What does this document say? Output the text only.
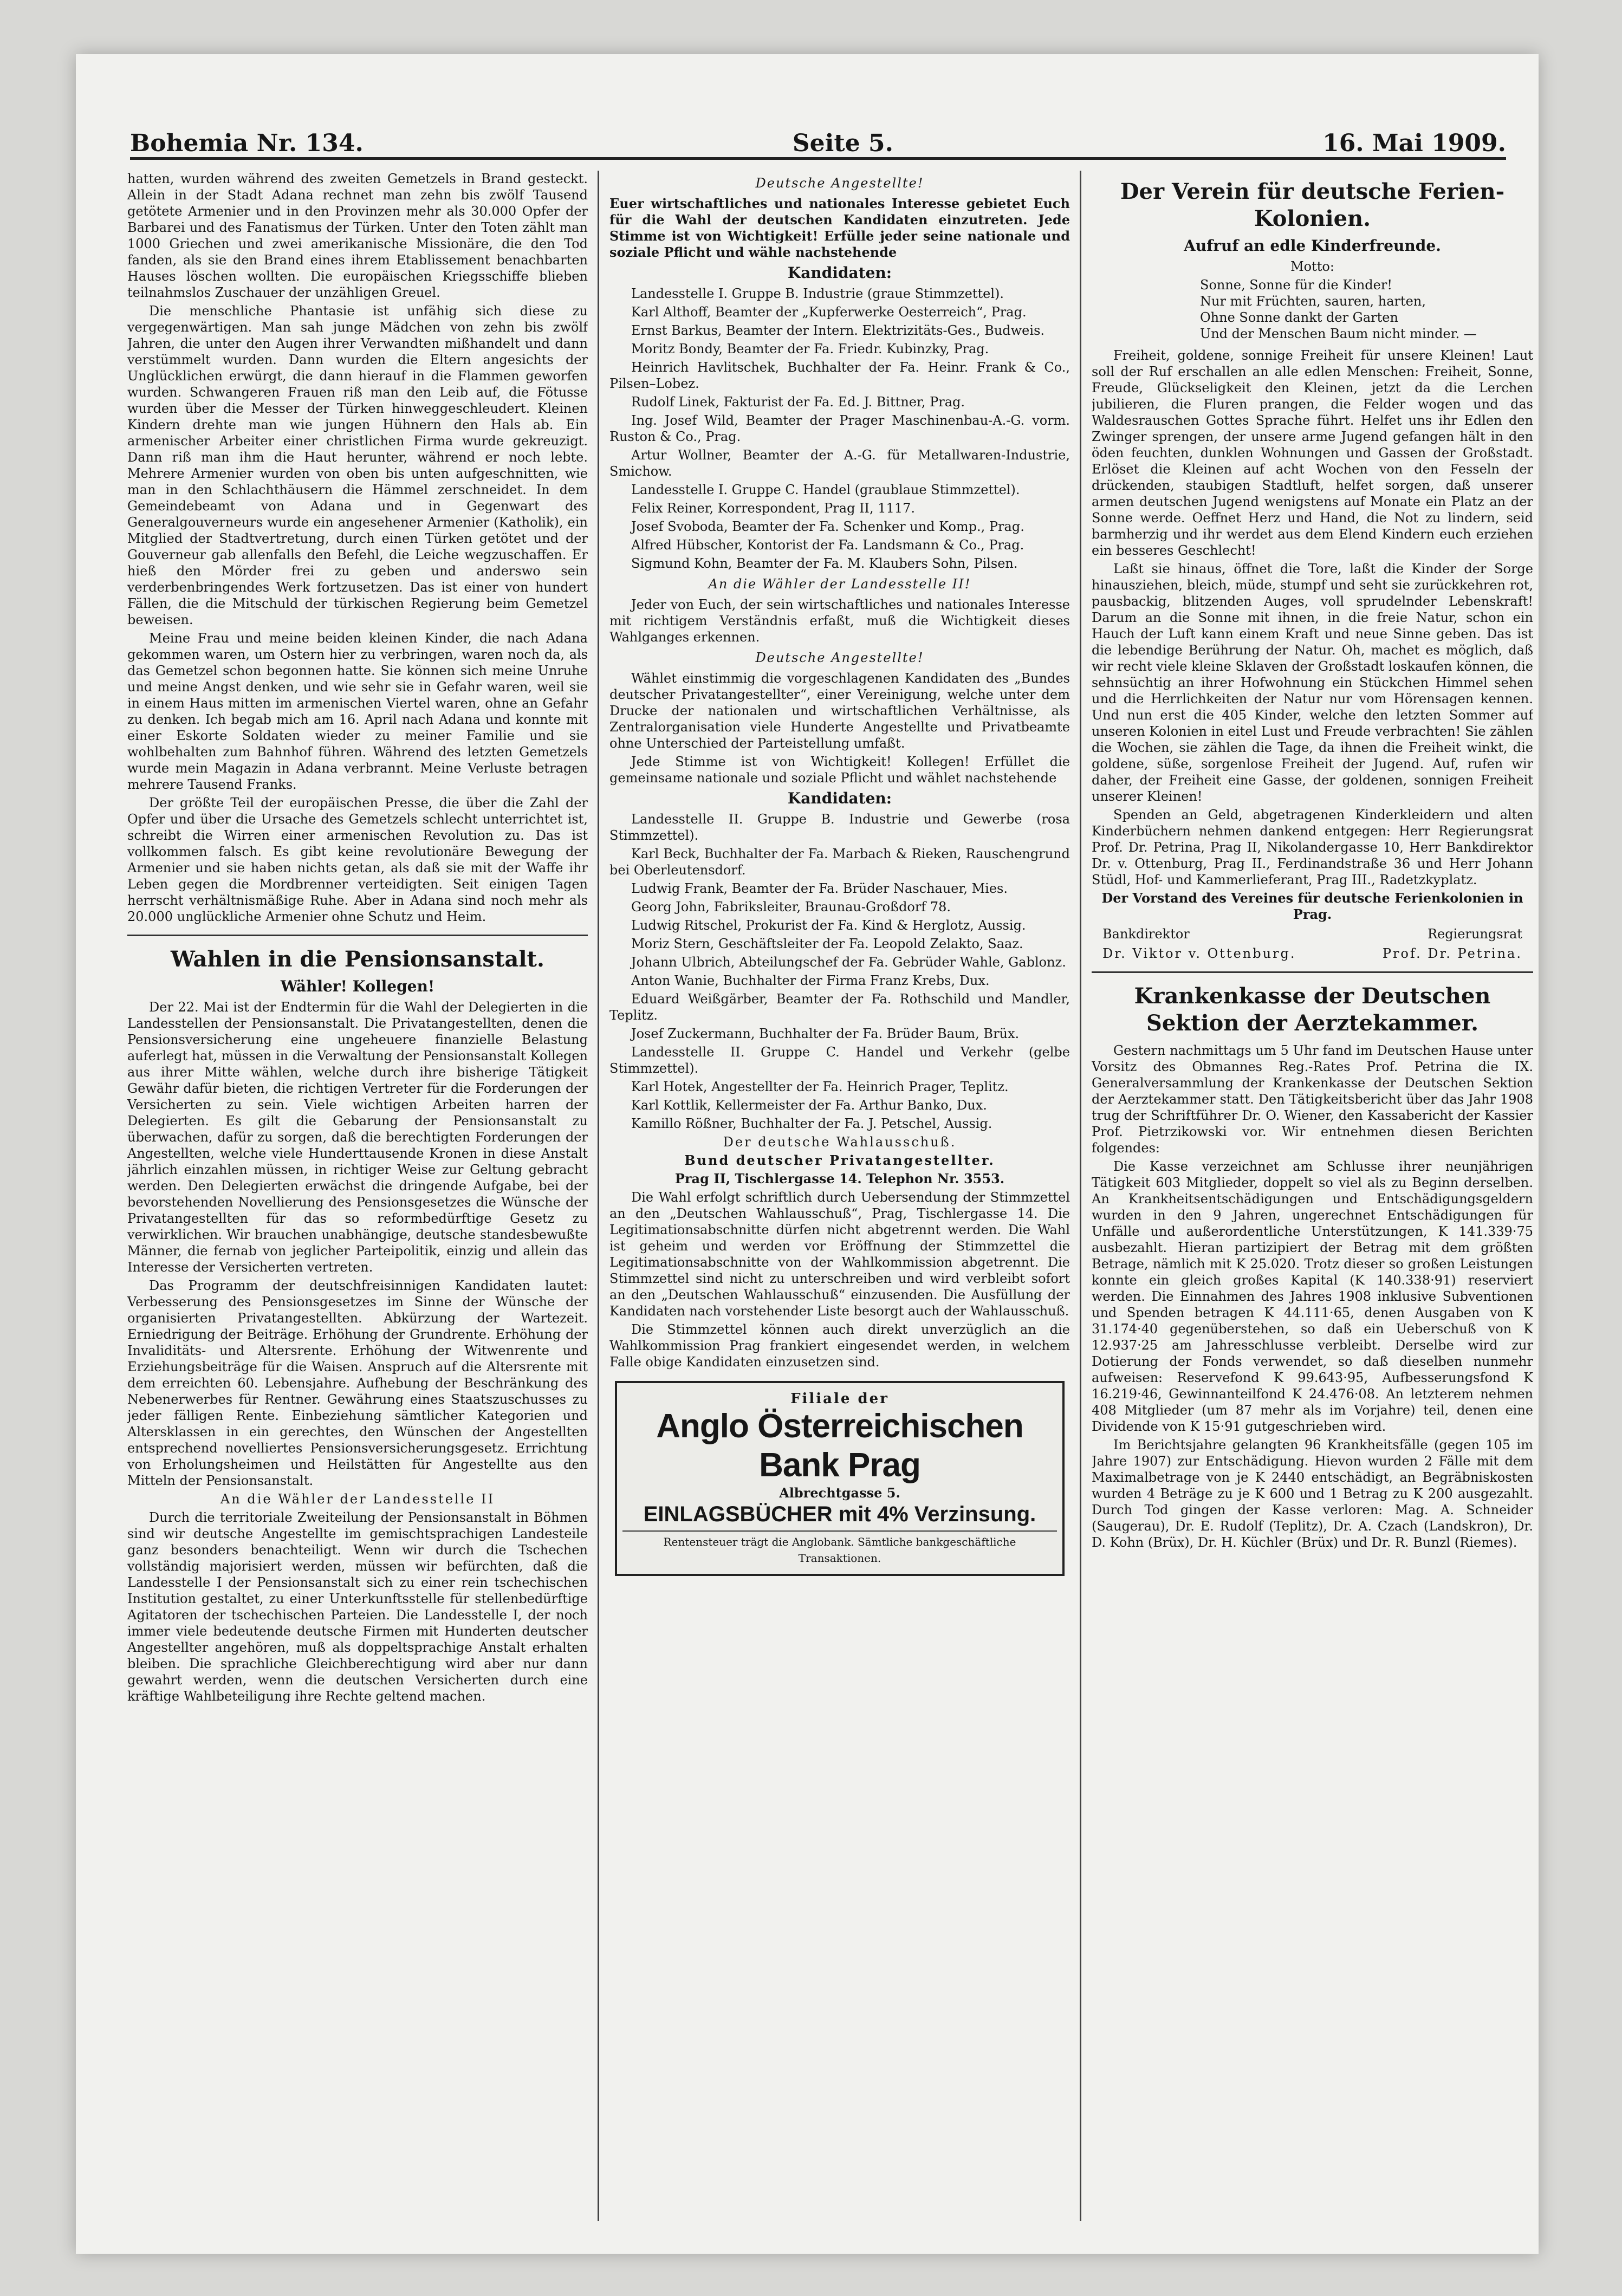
Bohemia Nr. 134.	Seite 5.	16. Mai 1909.

hatten, wurden während des zweiten Gemetzels in Brand gesteckt. Allein in der Stadt Adana rechnet man zehn bis zwölf Tausend getötete Armenier und in den Provinzen mehr als 30.000 Opfer der Barbarei und des Fanatismus der Türken. Unter den Toten zählt man 1000 Griechen und zwei amerikanische Missionäre, die den Tod fanden, als sie den Brand eines ihrem Etablissement benachbarten Hauses löschen wollten. Die europäischen Kriegsschiffe blieben teilnahmslos Zuschauer der unzähligen Greuel.

Die menschliche Phantasie ist unfähig sich diese zu vergegenwärtigen. Man sah junge Mädchen von zehn bis zwölf Jahren, die unter den Augen ihrer Verwandten mißhandelt und dann verstümmelt wurden. Dann wurden die Eltern angesichts der Unglücklichen erwürgt, die dann hierauf in die Flammen geworfen wurden. Schwangeren Frauen riß man den Leib auf, die Fötusse wurden über die Messer der Türken hinweggeschleudert. Kleinen Kindern drehte man wie jungen Hühnern den Hals ab. Ein armenischer Arbeiter einer christlichen Firma wurde gekreuzigt. Dann riß man ihm die Haut herunter, während er noch lebte. Mehrere Armenier wurden von oben bis unten aufgeschnitten, wie man in den Schlachthäusern die Hämmel zerschneidet. In dem Gemeindebeamt von Adana und in Gegenwart des Generalgouverneurs wurde ein angesehener Armenier (Katholik), ein Mitglied der Stadtvertretung, durch einen Türken getötet und der Gouverneur gab allenfalls den Befehl, die Leiche wegzuschaffen. Er hieß den Mörder frei zu geben und anderswo sein verderbenbringendes Werk fortzusetzen. Das ist einer von hundert Fällen, die die Mitschuld der türkischen Regierung beim Gemetzel beweisen.

Meine Frau und meine beiden kleinen Kinder, die nach Adana gekommen waren, um Ostern hier zu verbringen, waren noch da, als das Gemetzel schon begonnen hatte. Sie können sich meine Unruhe und meine Angst denken, und wie sehr sie in Gefahr waren, weil sie in einem Haus mitten im armenischen Viertel waren, ohne an Gefahr zu denken. Ich begab mich am 16. April nach Adana und konnte mit einer Eskorte Soldaten wieder zu meiner Familie und sie wohlbehalten zum Bahnhof führen. Während des letzten Gemetzels wurde mein Magazin in Adana verbrannt. Meine Verluste betragen mehrere Tausend Franks.

Der größte Teil der europäischen Presse, die über die Zahl der Opfer und über die Ursache des Gemetzels schlecht unterrichtet ist, schreibt die Wirren einer armenischen Revolution zu. Das ist vollkommen falsch. Es gibt keine revolutionäre Bewegung der Armenier und sie haben nichts getan, als daß sie mit der Waffe ihr Leben gegen die Mordbrenner verteidigten. Seit einigen Tagen herrscht verhältnismäßige Ruhe. Aber in Adana sind noch mehr als 20.000 unglückliche Armenier ohne Schutz und Heim.

Wahlen in die Pensionsanstalt.
Wähler! Kollegen!

Der 22. Mai ist der Endtermin für die Wahl der Delegierten in die Landesstellen der Pensionsanstalt. Die Privatangestellten, denen die Pensionsversicherung eine ungeheuere finanzielle Belastung auferlegt hat, müssen in die Verwaltung der Pensionsanstalt Kollegen aus ihrer Mitte wählen, welche durch ihre bisherige Tätigkeit Gewähr dafür bieten, die richtigen Vertreter für die Forderungen der Versicherten zu sein. Viele wichtigen Arbeiten harren der Delegierten. Es gilt die Gebarung der Pensionsanstalt zu überwachen, dafür zu sorgen, daß die berechtigten Forderungen der Angestellten, welche viele Hunderttausende Kronen in diese Anstalt jährlich einzahlen müssen, in richtiger Weise zur Geltung gebracht werden. Den Delegierten erwächst die dringende Aufgabe, bei der bevorstehenden Novellierung des Pensionsgesetzes die Wünsche der Privatangestellten für das so reformbedürftige Gesetz zu verwirklichen. Wir brauchen unabhängige, deutsche standesbewußte Männer, die fernab von jeglicher Parteipolitik, einzig und allein das Interesse der Versicherten vertreten.

Das Programm der deutschfreisinnigen Kandidaten lautet: Verbesserung des Pensionsgesetzes im Sinne der Wünsche der organisierten Privatangestellten. Abkürzung der Wartezeit. Erniedrigung der Beiträge. Erhöhung der Grundrente. Erhöhung der Invaliditäts- und Altersrente. Erhöhung der Witwenrente und Erziehungsbeiträge für die Waisen. Anspruch auf die Altersrente mit dem erreichten 60. Lebensjahre. Aufhebung der Beschränkung des Nebenerwerbes für Rentner. Gewährung eines Staatszuschusses zu jeder fälligen Rente. Einbeziehung sämtlicher Kategorien und Altersklassen in ein gerechtes, den Wünschen der Angestellten entsprechend novelliertes Pensionsversicherungsgesetz. Errichtung von Erholungsheimen und Heilstätten für Angestellte aus den Mitteln der Pensionsanstalt.

An die Wähler der Landesstelle II

Durch die territoriale Zweiteilung der Pensionsanstalt in Böhmen sind wir deutsche Angestellte im gemischtsprachigen Landesteile ganz besonders benachteiligt. Wenn wir durch die Tschechen vollständig majorisiert werden, müssen wir befürchten, daß die Landesstelle I der Pensionsanstalt sich zu einer rein tschechischen Institution gestaltet, zu einer Unterkunftsstelle für stellenbedürftige Agitatoren der tschechischen Parteien. Die Landesstelle I, der noch immer viele bedeutende deutsche Firmen mit Hunderten deutscher Angestellter angehören, muß als doppeltsprachige Anstalt erhalten bleiben. Die sprachliche Gleichberechtigung wird aber nur dann gewahrt werden, wenn die deutschen Versicherten durch eine kräftige Wahlbeteiligung ihre Rechte geltend machen.

Deutsche Angestellte!

Euer wirtschaftliches und nationales Interesse gebietet Euch für die Wahl der deutschen Kandidaten einzutreten. Jede Stimme ist von Wichtigkeit! Erfülle jeder seine nationale und soziale Pflicht und wähle nachstehende

Kandidaten:

Landesstelle I. Gruppe B. Industrie (graue Stimmzettel).

Karl Althoff, Beamter der „Kupferwerke Oesterreich“, Prag.

Ernst Barkus, Beamter der Intern. Elektrizitäts-Ges., Budweis.

Moritz Bondy, Beamter der Fa. Friedr. Kubinzky, Prag.

Heinrich Havlitschek, Buchhalter der Fa. Heinr. Frank & Co., Pilsen–Lobez.

Rudolf Linek, Fakturist der Fa. Ed. J. Bittner, Prag.

Ing. Josef Wild, Beamter der Prager Maschinenbau-A.-G. vorm. Ruston & Co., Prag.

Artur Wollner, Beamter der A.-G. für Metallwaren-Industrie, Smichow.

Landesstelle I. Gruppe C. Handel (graublaue Stimmzettel).

Felix Reiner, Korrespondent, Prag II, 1117.

Josef Svoboda, Beamter der Fa. Schenker und Komp., Prag.

Alfred Hübscher, Kontorist der Fa. Landsmann & Co., Prag.

Sigmund Kohn, Beamter der Fa. M. Klaubers Sohn, Pilsen.

An die Wähler der Landesstelle II!

Jeder von Euch, der sein wirtschaftliches und nationales Interesse mit richtigem Verständnis erfaßt, muß die Wichtigkeit dieses Wahlganges erkennen.

Deutsche Angestellte!

Wählet einstimmig die vorgeschlagenen Kandidaten des „Bundes deutscher Privatangestellter“, einer Vereinigung, welche unter dem Drucke der nationalen und wirtschaftlichen Verhältnisse, als Zentralorganisation viele Hunderte Angestellte und Privatbeamte ohne Unterschied der Parteistellung umfaßt.

Jede Stimme ist von Wichtigkeit! Kollegen! Erfüllet die gemeinsame nationale und soziale Pflicht und wählet nachstehende

Kandidaten:

Landesstelle II. Gruppe B. Industrie und Gewerbe (rosa Stimmzettel).

Karl Beck, Buchhalter der Fa. Marbach & Rieken, Rauschengrund bei Oberleutensdorf.

Ludwig Frank, Beamter der Fa. Brüder Naschauer, Mies.

Georg John, Fabriksleiter, Braunau-Großdorf 78.

Ludwig Ritschel, Prokurist der Fa. Kind & Herglotz, Aussig.

Moriz Stern, Geschäftsleiter der Fa. Leopold Zelakto, Saaz.

Johann Ulbrich, Abteilungschef der Fa. Gebrüder Wahle, Gablonz.

Anton Wanie, Buchhalter der Firma Franz Krebs, Dux.

Eduard Weißgärber, Beamter der Fa. Rothschild und Mandler, Teplitz.

Josef Zuckermann, Buchhalter der Fa. Brüder Baum, Brüx.

Landesstelle II. Gruppe C. Handel und Verkehr (gelbe Stimmzettel).

Karl Hotek, Angestellter der Fa. Heinrich Prager, Teplitz.

Karl Kottlik, Kellermeister der Fa. Arthur Banko, Dux.

Kamillo Rößner, Buchhalter der Fa. J. Petschel, Aussig.

Der deutsche Wahlausschuß.

Bund deutscher Privatangestellter.

Prag II, Tischlergasse 14. Telephon Nr. 3553.

Die Wahl erfolgt schriftlich durch Uebersendung der Stimmzettel an den „Deutschen Wahlausschuß“, Prag, Tischlergasse 14. Die Legitimationsabschnitte dürfen nicht abgetrennt werden. Die Wahl ist geheim und werden vor Eröffnung der Stimmzettel die Legitimationsabschnitte von der Wahlkommission abgetrennt. Die Stimmzettel sind nicht zu unterschreiben und wird verbleibt sofort an den „Deutschen Wahlausschuß“ einzusenden. Die Ausfüllung der Kandidaten nach vorstehender Liste besorgt auch der Wahlausschuß.

Die Stimmzettel können auch direkt unverzüglich an die Wahlkommission Prag frankiert eingesendet werden, in welchem Falle obige Kandidaten einzusetzen sind.

Filiale der
Anglo Österreichischen Bank Prag
Albrechtgasse 5.
EINLAGSBÜCHER mit 4% Verzinsung.
Rentensteuer trägt die Anglobank. Sämtliche bankgeschäftliche Transaktionen.
Der Verein für deutsche Ferien-Kolonien.
Aufruf an edle Kinderfreunde.

Motto:

Sonne, Sonne für die Kinder!

Nur mit Früchten, sauren, harten,

Ohne Sonne dankt der Garten

Und der Menschen Baum nicht minder. —

Freiheit, goldene, sonnige Freiheit für unsere Kleinen! Laut soll der Ruf erschallen an alle edlen Menschen: Freiheit, Sonne, Freude, Glückseligkeit den Kleinen, jetzt da die Lerchen jubilieren, die Fluren prangen, die Felder wogen und das Waldesrauschen Gottes Sprache führt. Helfet uns ihr Edlen den Zwinger sprengen, der unsere arme Jugend gefangen hält in den öden feuchten, dunklen Wohnungen und Gassen der Großstadt. Erlöset die Kleinen auf acht Wochen von den Fesseln der drückenden, staubigen Stadtluft, helfet sorgen, daß unserer armen deutschen Jugend wenigstens auf Monate ein Platz an der Sonne werde. Oeffnet Herz und Hand, die Not zu lindern, seid barmherzig und ihr werdet aus dem Elend Kindern euch erziehen ein besseres Geschlecht!

Laßt sie hinaus, öffnet die Tore, laßt die Kinder der Sorge hinausziehen, bleich, müde, stumpf und seht sie zurückkehren rot, pausbackig, blitzenden Auges, voll sprudelnder Lebenskraft! Darum an die Sonne mit ihnen, in die freie Natur, schon ein Hauch der Luft kann einem Kraft und neue Sinne geben. Das ist die lebendige Berührung der Natur. Oh, machet es möglich, daß wir recht viele kleine Sklaven der Großstadt loskaufen können, die sehnsüchtig an ihrer Hofwohnung ein Stückchen Himmel sehen und die Herrlichkeiten der Natur nur vom Hörensagen kennen. Und nun erst die 405 Kinder, welche den letzten Sommer auf unseren Kolonien in eitel Lust und Freude verbrachten! Sie zählen die Wochen, sie zählen die Tage, da ihnen die Freiheit winkt, die goldene, süße, sorgenlose Freiheit der Jugend. Auf, rufen wir daher, der Freiheit eine Gasse, der goldenen, sonnigen Freiheit unserer Kleinen!

Spenden an Geld, abgetragenen Kinderkleidern und alten Kinderbüchern nehmen dankend entgegen: Herr Regierungsrat Prof. Dr. Petrina, Prag II, Nikolandergasse 10, Herr Bankdirektor Dr. v. Ottenburg, Prag II., Ferdinandstraße 36 und Herr Johann Stüdl, Hof- und Kammerlieferant, Prag III., Radetzkyplatz.

Der Vorstand des Vereines für deutsche Ferienkolonien in Prag.

Bankdirektor	Regierungsrat
Dr. Viktor v. Ottenburg.	Prof. Dr. Petrina.
Krankenkasse der Deutschen Sektion der Aerztekammer.

Gestern nachmittags um 5 Uhr fand im Deutschen Hause unter Vorsitz des Obmannes Reg.-Rates Prof. Petrina die IX. Generalversammlung der Krankenkasse der Deutschen Sektion der Aerztekammer statt. Den Tätigkeitsbericht über das Jahr 1908 trug der Schriftführer Dr. O. Wiener, den Kassabericht der Kassier Prof. Pietrzikowski vor. Wir entnehmen diesen Berichten folgendes:

Die Kasse verzeichnet am Schlusse ihrer neunjährigen Tätigkeit 603 Mitglieder, doppelt so viel als zu Beginn derselben. An Krankheitsentschädigungen und Entschädigungsgeldern wurden in den 9 Jahren, ungerechnet Entschädigungen für Unfälle und außerordentliche Unterstützungen, K 141.339·75 ausbezahlt. Hieran partizipiert der Betrag mit dem größten Betrage, nämlich mit K 25.020. Trotz dieser so großen Leistungen konnte ein gleich großes Kapital (K 140.338·91) reserviert werden. Die Einnahmen des Jahres 1908 inklusive Subventionen und Spenden betragen K 44.111·65, denen Ausgaben von K 31.174·40 gegenüberstehen, so daß ein Ueberschuß von K 12.937·25 am Jahresschlusse verbleibt. Derselbe wird zur Dotierung der Fonds verwendet, so daß dieselben nunmehr aufweisen: Reservefond K 99.643·95, Aufbesserungsfond K 16.219·46, Gewinnanteilfond K 24.476·08. An letzterem nehmen 408 Mitglieder (um 87 mehr als im Vorjahre) teil, denen eine Dividende von K 15·91 gutgeschrieben wird.

Im Berichtsjahre gelangten 96 Krankheitsfälle (gegen 105 im Jahre 1907) zur Entschädigung. Hievon wurden 2 Fälle mit dem Maximalbetrage von je K 2440 entschädigt, an Begräbniskosten wurden 4 Beträge zu je K 600 und 1 Betrag zu K 200 ausgezahlt. Durch Tod gingen der Kasse verloren: Mag. A. Schneider (Saugerau), Dr. E. Rudolf (Teplitz), Dr. A. Czach (Landskron), Dr. D. Kohn (Brüx), Dr. H. Küchler (Brüx) und Dr. R. Bunzl (Riemes).
